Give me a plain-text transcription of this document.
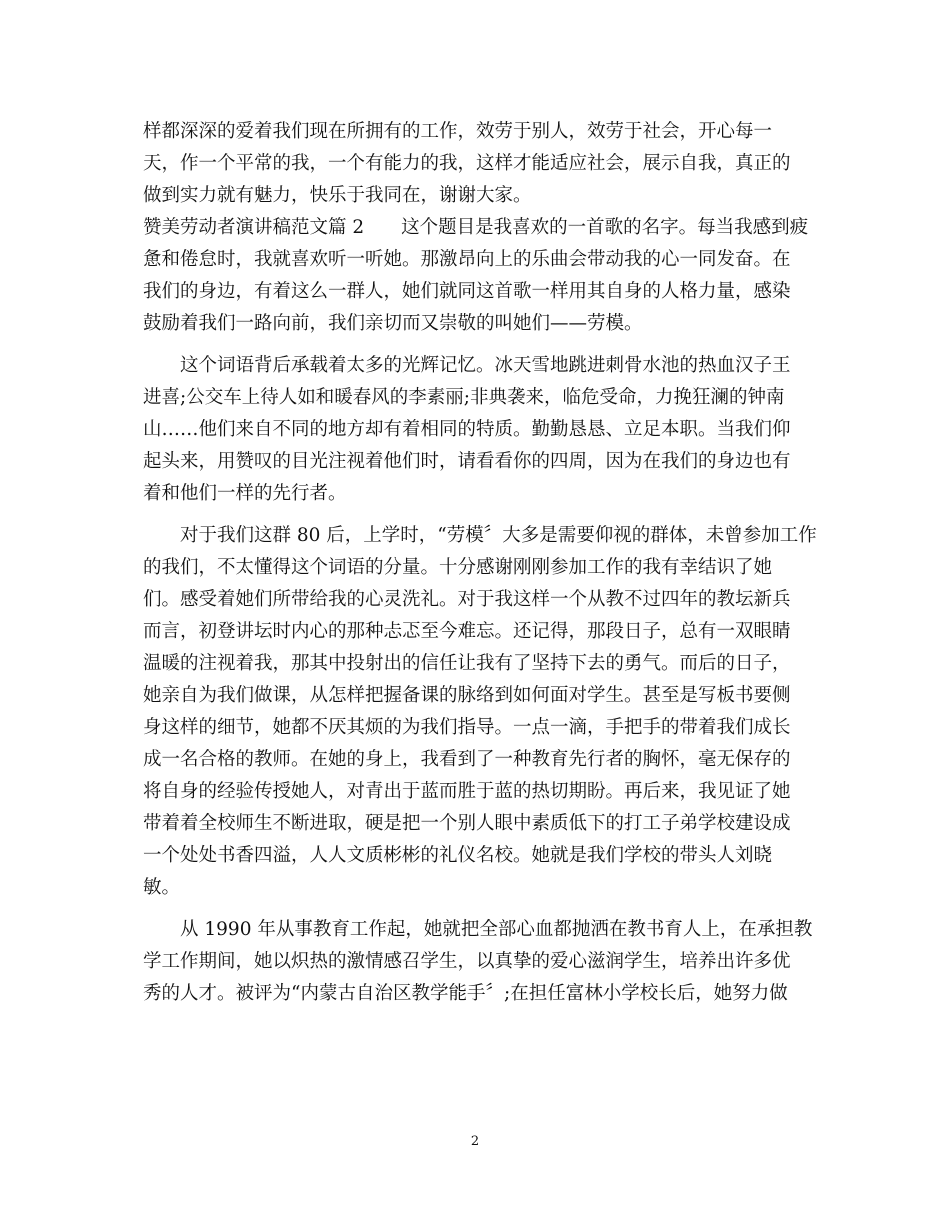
样都深深的爱着我们现在所拥有的工作，效劳于别人，效劳于社会，开心每一
天，作一个平常的我，一个有能力的我，这样才能适应社会，展示自我，真正的
做到实力就有魅力，快乐于我同在，谢谢大家。
赞美劳动者演讲稿范文篇 2　　这个题目是我喜欢的一首歌的名字。每当我感到疲
惫和倦怠时，我就喜欢听一听她。那激昂向上的乐曲会带动我的心一同发奋。在
我们的身边，有着这么一群人，她们就同这首歌一样用其自身的人格力量，感染
鼓励着我们一路向前，我们亲切而又崇敬的叫她们——劳模。
这个词语背后承载着太多的光辉记忆。冰天雪地跳进刺骨水池的热血汉子王
进喜;公交车上待人如和暖春风的李素丽;非典袭来，临危受命，力挽狂澜的钟南
山……他们来自不同的地方却有着相同的特质。勤勤恳恳、立足本职。当我们仰
起头来，用赞叹的目光注视着他们时，请看看你的四周，因为在我们的身边也有
着和他们一样的先行者。
对于我们这群 80 后，上学时，“劳模〞大多是需要仰视的群体，未曾参加工作
的我们，不太懂得这个词语的分量。十分感谢刚刚参加工作的我有幸结识了她
们。感受着她们所带给我的心灵洗礼。对于我这样一个从教不过四年的教坛新兵
而言，初登讲坛时内心的那种忐忑至今难忘。还记得，那段日子，总有一双眼睛
温暖的注视着我，那其中投射出的信任让我有了坚持下去的勇气。而后的日子，
她亲自为我们做课，从怎样把握备课的脉络到如何面对学生。甚至是写板书要侧
身这样的细节，她都不厌其烦的为我们指导。一点一滴，手把手的带着我们成长
成一名合格的教师。在她的身上，我看到了一种教育先行者的胸怀，毫无保存的
将自身的经验传授她人，对青出于蓝而胜于蓝的热切期盼。再后来，我见证了她
带着着全校师生不断进取，硬是把一个别人眼中素质低下的打工子弟学校建设成
一个处处书香四溢，人人文质彬彬的礼仪名校。她就是我们学校的带头人刘晓
敏。
从 1990 年从事教育工作起，她就把全部心血都抛洒在教书育人上，在承担教
学工作期间，她以炽热的激情感召学生，以真挚的爱心滋润学生，培养出许多优
秀的人才。被评为“内蒙古自治区教学能手〞;在担任富林小学校长后，她努力做
2
